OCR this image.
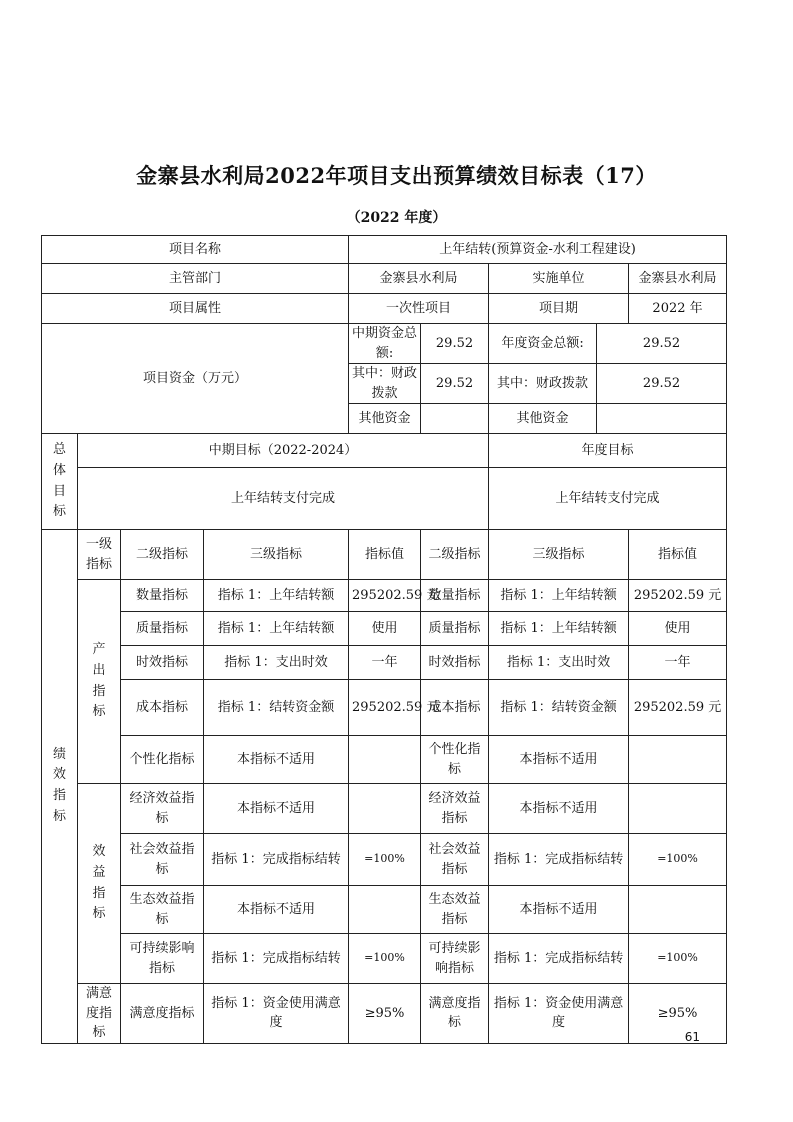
金寨县水利局2022年项目支出预算绩效目标表（17）
（2022 年度）
项目名称				上年结转(预算资金-水利工程建设)				
主管部门				金寨县水利局		实施单位		金寨县水利局
项目属性				一次性项目		项目期		2022 年
项目资金（万元）				中期资金总额:	29.52	年度资金总额:	29.52	
				其中：财政拨款	29.52	其中：财政拨款	29.52	
				其他资金		其他资金		

总体目标	中期目标（2022-2024）					年度目标		
	上年结转支付完成					上年结转支付完成		

绩效指标	一级指标	二级指标	三级指标	指标值	二级指标	三级指标		指标值

	产出指标	数量指标	指标 1：上年结转额	295202.59 元	数量指标	指标 1：上年结转额		295202.59 元
		质量指标	指标 1：上年结转额	使用	质量指标	指标 1：上年结转额		使用
		时效指标	指标 1：支出时效	一年	时效指标	指标 1：支出时效		一年
		成本指标	指标 1：结转资金额	295202.59 元	成本指标	指标 1：结转资金额		295202.59 元
		个性化指标	本指标不适用		个性化指标	本指标不适用		

	效益指标	经济效益指标	本指标不适用		经济效益指标	本指标不适用		
		社会效益指标	指标 1：完成指标结转	=100%	社会效益指标	指标 1：完成指标结转		=100%
		生态效益指标	本指标不适用		生态效益指标	本指标不适用		
		可持续影响指标	指标 1：完成指标结转	=100%	可持续影响指标	指标 1：完成指标结转		=100%
	满意度指标	满意度指标	指标 1：资金使用满意度	≥95%	满意度指标	指标 1：资金使用满意度		≥95%
61
